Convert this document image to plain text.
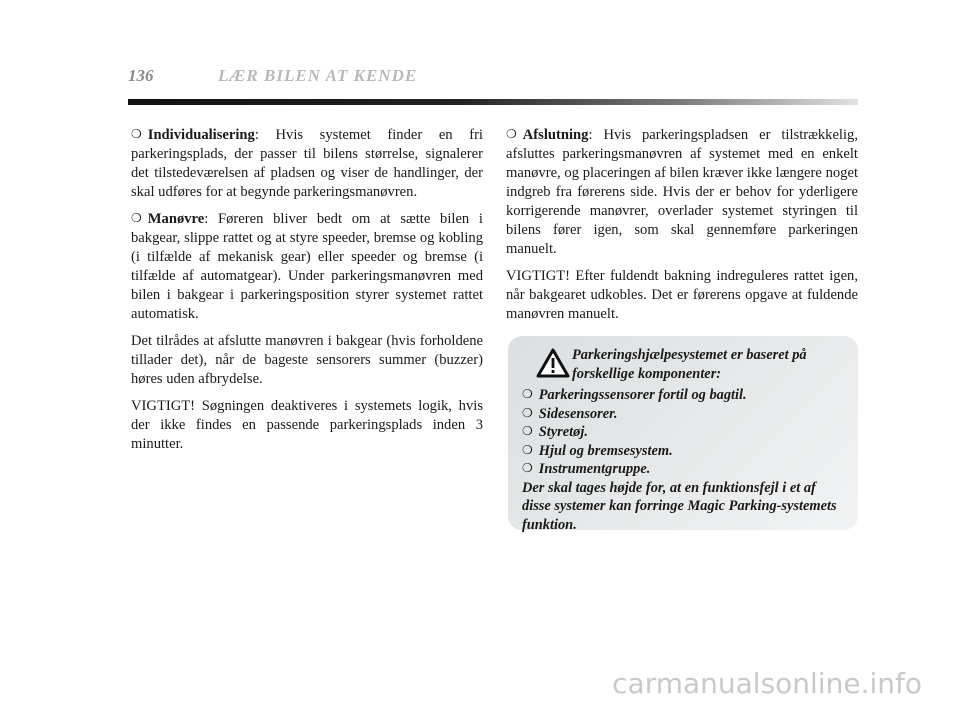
136	LÆR BILEN AT KENDE

❍ Individualisering: Hvis systemet finder en fri parkeringsplads, der passer til bilens størrelse, signalerer det tilstedeværelsen af pladsen og viser de handlinger, der skal udføres for at begynde parkeringsmanøvren.

❍ Manøvre: Føreren bliver bedt om at sætte bilen i bakgear, slippe rattet og at styre speeder, bremse og kobling (i tilfælde af mekanisk gear) eller speeder og bremse (i tilfælde af automatgear). Under parkeringsmanøvren med bilen i bakgear i parkeringsposition styrer systemet rattet automatisk.

Det tilrådes at afslutte manøvren i bakgear (hvis forholdene tillader det), når de bageste sensorers summer (buzzer) høres uden afbrydelse.

VIGTIGT! Søgningen deaktiveres i systemets logik, hvis der ikke findes en passende parkeringsplads inden 3 minutter.

❍ Afslutning: Hvis parkeringspladsen er tilstrækkelig, afsluttes parkeringsmanøvren af systemet med en enkelt manøvre, og placeringen af bilen kræver ikke længere noget indgreb fra førerens side. Hvis der er behov for yderligere korrigerende manøvrer, overlader systemet styringen til bilens fører igen, som skal gennemføre parkeringen manuelt.

VIGTIGT! Efter fuldendt bakning indreguleres rattet igen, når bakgearet udkobles. Det er førerens opgave at fuldende manøvren manuelt.

Parkeringshjælpesystemet er baseret på forskellige komponenter:
❍ Parkeringssensorer fortil og bagtil.
❍ Sidesensorer.
❍ Styretøj.
❍ Hjul og bremsesystem.
❍ Instrumentgruppe.
Der skal tages højde for, at en funktionsfejl i et af disse systemer kan forringe Magic Parking-systemets funktion.
carmanualsonline.info
